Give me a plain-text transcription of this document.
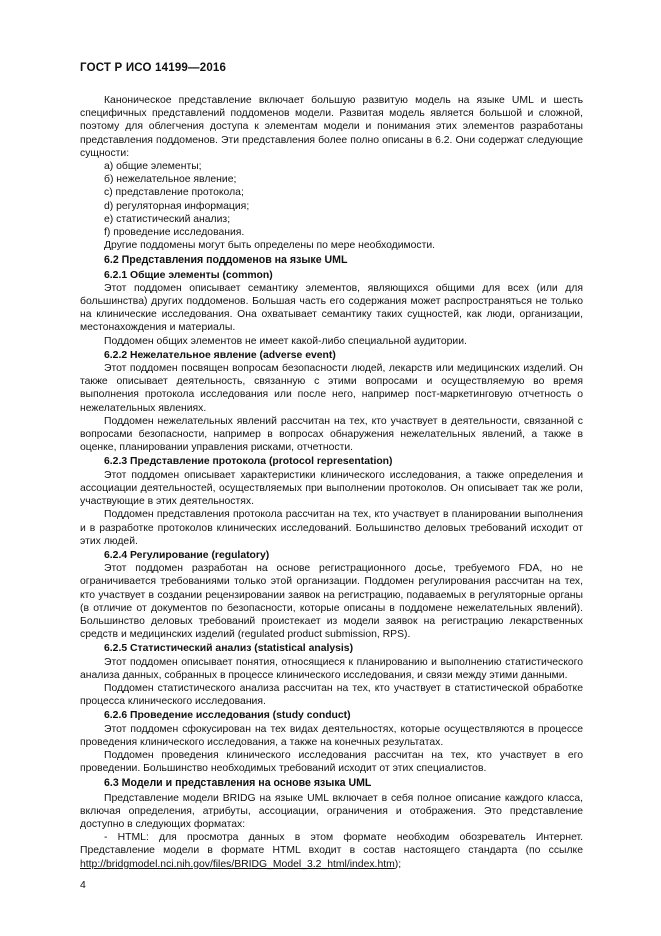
ГОСТ Р ИСО 14199—2016

Каноническое представление включает большую развитую модель на языке UML и шесть специфичных представлений поддоменов модели. Развитая модель является большой и сложной, поэтому для облегчения доступа к элементам модели и понимания этих элементов разработаны представления поддоменов. Эти представления более полно описаны в 6.2. Они содержат следующие сущности:

а) общие элементы;
б) нежелательное явление;
с) представление протокола;
d) регуляторная информация;
е) статистический анализ;
f) проведение исследования.

Другие поддомены могут быть определены по мере необходимости.

6.2 Представления поддоменов на языке UML
6.2.1 Общие элементы (common)

Этот поддомен описывает семантику элементов, являющихся общими для всех (или для большинства) других поддоменов. Большая часть его содержания может распространяться не только на клинические исследования. Она охватывает семантику таких сущностей, как люди, организации, местонахождения и материалы.

Поддомен общих элементов не имеет какой-либо специальной аудитории.

6.2.2 Нежелательное явление (adverse event)

Этот поддомен посвящен вопросам безопасности людей, лекарств или медицинских изделий. Он также описывает деятельность, связанную с этими вопросами и осуществляемую во время выполнения протокола исследования или после него, например пост-маркетинговую отчетность о нежелательных явлениях.

Поддомен нежелательных явлений рассчитан на тех, кто участвует в деятельности, связанной с вопросами безопасности, например в вопросах обнаружения нежелательных явлений, а также в оценке, планировании управления рисками, отчетности.

6.2.3 Представление протокола (protocol representation)

Этот поддомен описывает характеристики клинического исследования, а также определения и ассоциации деятельностей, осуществляемых при выполнении протоколов. Он описывает так же роли, участвующие в этих деятельностях.

Поддомен представления протокола рассчитан на тех, кто участвует в планировании выполнения и в разработке протоколов клинических исследований. Большинство деловых требований исходит от этих людей.

6.2.4 Регулирование (regulatory)

Этот поддомен разработан на основе регистрационного досье, требуемого FDA, но не ограничивается требованиями только этой организации. Поддомен регулирования рассчитан на тех, кто участвует в создании рецензировании заявок на регистрацию, подаваемых в регуляторные органы (в отличие от документов по безопасности, которые описаны в поддомене нежелательных явлений). Большинство деловых требований проистекает из модели заявок на регистрацию лекарственных средств и медицинских изделий (regulated product submission, RPS).

6.2.5 Статистический анализ (statistical analysis)

Этот поддомен описывает понятия, относящиеся к планированию и выполнению статистического анализа данных, собранных в процессе клинического исследования, и связи между этими данными.

Поддомен статистического анализа рассчитан на тех, кто участвует в статистической обработке процесса клинического исследования.

6.2.6 Проведение исследования (study conduct)

Этот поддомен сфокусирован на тех видах деятельностях, которые осуществляются в процессе проведения клинического исследования, а также на конечных результатах.

Поддомен проведения клинического исследования рассчитан на тех, кто участвует в его проведении. Большинство необходимых требований исходит от этих специалистов.

6.3 Модели и представления на основе языка UML

Представление модели BRIDG на языке UML включает в себя полное описание каждого класса, включая определения, атрибуты, ассоциации, ограничения и отображения. Это представление доступно в следующих форматах:

- HTML: для просмотра данных в этом формате необходим обозреватель Интернет. Представление модели в формате HTML входит в состав настоящего стандарта (по ссылке http://bridgmodel.nci.nih.gov/files/BRIDG_Model_3.2_html/index.htm);

4
